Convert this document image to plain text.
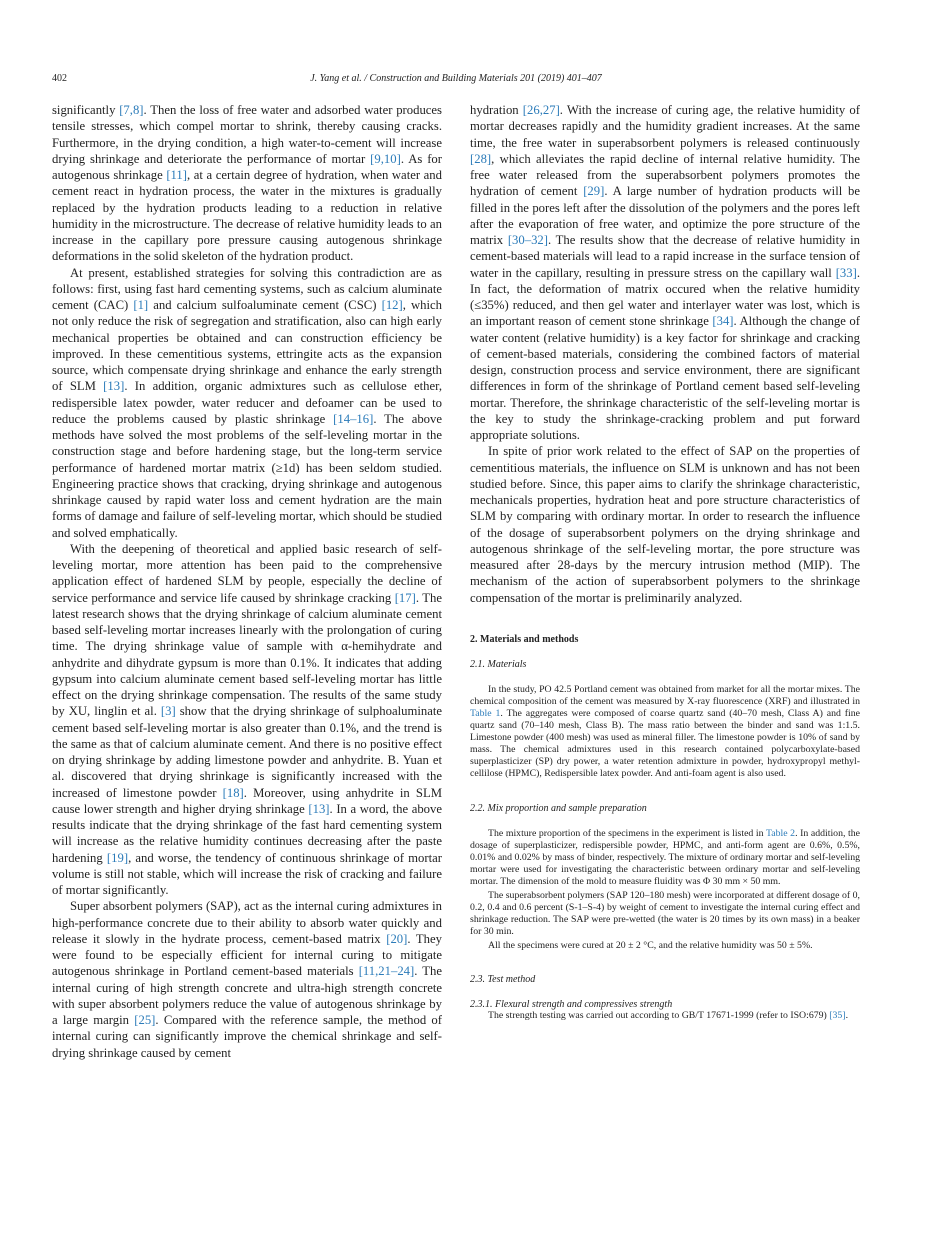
402	J. Yang et al. / Construction and Building Materials 201 (2019) 401–407

significantly [7,8]. Then the loss of free water and adsorbed water produces tensile stresses, which compel mortar to shrink, thereby causing cracks. Furthermore, in the drying condition, a high water-to-cement will increase drying shrinkage and deteriorate the performance of mortar [9,10]. As for autogenous shrinkage [11], at a certain degree of hydration, when water and cement react in hydration process, the water in the mixtures is gradually replaced by the hydration products leading to a reduction in relative humidity in the microstructure. The decrease of relative humidity leads to an increase in the capillary pore pressure causing autogenous shrinkage deformations in the solid skeleton of the hydration product.

At present, established strategies for solving this contradiction are as follows: first, using fast hard cementing systems, such as calcium aluminate cement (CAC) [1] and calcium sulfoaluminate cement (CSC) [12], which not only reduce the risk of segregation and stratification, also can high early mechanical properties be obtained and can construction efficiency be improved. In these cementitious systems, ettringite acts as the expansion source, which compensate drying shrinkage and enhance the early strength of SLM [13]. In addition, organic admixtures such as cellulose ether, redispersible latex powder, water reducer and defoamer can be used to reduce the problems caused by plastic shrinkage [14–16]. The above methods have solved the most problems of the self-leveling mortar in the construction stage and before hardening stage, but the long-term service performance of hardened mortar matrix (≥1d) has been seldom studied. Engineering practice shows that cracking, drying shrinkage and autogenous shrinkage caused by rapid water loss and cement hydration are the main forms of damage and failure of self-leveling mortar, which should be studied and solved emphatically.

With the deepening of theoretical and applied basic research of self-leveling mortar, more attention has been paid to the comprehensive application effect of hardened SLM by people, especially the decline of service performance and service life caused by shrinkage cracking [17]. The latest research shows that the drying shrinkage of calcium aluminate cement based self-leveling mortar increases linearly with the prolongation of curing time. The drying shrinkage value of sample with α-hemihydrate and anhydrite and dihydrate gypsum is more than 0.1%. It indicates that adding gypsum into calcium aluminate cement based self-leveling mortar has little effect on the drying shrinkage compensation. The results of the same study by XU, linglin et al. [3] show that the drying shrinkage of sulphoaluminate cement based self-leveling mortar is also greater than 0.1%, and the trend is the same as that of calcium aluminate cement. And there is no positive effect on drying shrinkage by adding limestone powder and anhydrite. B. Yuan et al. discovered that drying shrinkage is significantly increased with the increased of limestone powder [18]. Moreover, using anhydrite in SLM cause lower strength and higher drying shrinkage [13]. In a word, the above results indicate that the drying shrinkage of the fast hard cementing system will increase as the relative humidity continues decreasing after the paste hardening [19], and worse, the tendency of continuous shrinkage of mortar volume is still not stable, which will increase the risk of cracking and failure of mortar significantly.

Super absorbent polymers (SAP), act as the internal curing admixtures in high-performance concrete due to their ability to absorb water quickly and release it slowly in the hydrate process, cement-based matrix [20]. They were found to be especially efficient for internal curing to mitigate autogenous shrinkage in Portland cement-based materials [11,21–24]. The internal curing of high strength concrete and ultra-high strength concrete with super absorbent polymers reduce the value of autogenous shrinkage by a large margin [25]. Compared with the reference sample, the method of internal curing can significantly improve the chemical shrinkage and self-drying shrinkage caused by cement

hydration [26,27]. With the increase of curing age, the relative humidity of mortar decreases rapidly and the humidity gradient increases. At the same time, the free water in superabsorbent polymers is released continuously [28], which alleviates the rapid decline of internal relative humidity. The free water released from the superabsorbent polymers promotes the hydration of cement [29]. A large number of hydration products will be filled in the pores left after the dissolution of the polymers and the pores left after the evaporation of free water, and optimize the pore structure of the matrix [30–32]. The results show that the decrease of relative humidity in cement-based materials will lead to a rapid increase in the surface tension of water in the capillary, resulting in pressure stress on the capillary wall [33]. In fact, the deformation of matrix occured when the relative humidity (≤35%) reduced, and then gel water and interlayer water was lost, which is an important reason of cement stone shrinkage [34]. Although the change of water content (relative humidity) is a key factor for shrinkage and cracking of cement-based materials, considering the combined factors of material design, construction process and service environment, there are significant differences in form of the shrinkage of Portland cement based self-leveling mortar. Therefore, the shrinkage characteristic of the self-leveling mortar is the key to study the shrinkage-cracking problem and put forward appropriate solutions.

In spite of prior work related to the effect of SAP on the properties of cementitious materials, the influence on SLM is unknown and has not been studied before. Since, this paper aims to clarify the shrinkage characteristic, mechanicals properties, hydration heat and pore structure characteristics of SLM by comparing with ordinary mortar. In order to research the influence of the dosage of superabsorbent polymers on the drying shrinkage and autogenous shrinkage of the self-leveling mortar, the pore structure was measured after 28-days by the mercury intrusion method (MIP). The mechanism of the action of superabsorbent polymers to the shrinkage compensation of the mortar is preliminarily analyzed.

2. Materials and methods
2.1. Materials

In the study, PO 42.5 Portland cement was obtained from market for all the mortar mixes. The chemical composition of the cement was measured by X-ray fluorescence (XRF) and illustrated in Table 1. The aggregates were composed of coarse quartz sand (40–70 mesh, Class A) and fine quartz sand (70–140 mesh, Class B). The mass ratio between the binder and sand was 1:1.5. Limestone powder (400 mesh) was used as mineral filler. The limestone powder is 10% of sand by mass. The chemical admixtures used in this research contained polycarboxylate-based superplasticizer (SP) dry power, a water retention admixture in powder, hydroxypropyl methyl-cellilose (HPMC), Redispersible latex powder. And anti-foam agent is also used.

2.2. Mix proportion and sample preparation

The mixture proportion of the specimens in the experiment is listed in Table 2. In addition, the dosage of superplasticizer, redispersible powder, HPMC, and anti-form agent are 0.6%, 0.5%, 0.01% and 0.02% by mass of binder, respectively. The mixture of ordinary mortar and self-leveling mortar were used for investigating the characteristic between ordinary mortar and self-leveling mortar. The dimension of the mold to measure fluidity was Φ 30 mm × 50 mm.

The superabsorbent polymers (SAP 120–180 mesh) were incorporated at different dosage of 0, 0.2, 0.4 and 0.6 percent (S-1–S-4) by weight of cement to investigate the internal curing effect and shrinkage reduction. The SAP were pre-wetted (the water is 20 times by its own mass) in a beaker for 30 min.

All the specimens were cured at 20 ± 2 °C, and the relative humidity was 50 ± 5%.

2.3. Test method
2.3.1. Flexural strength and compressives strength

The strength testing was carried out according to GB/T 17671-1999 (refer to ISO:679) [35].
